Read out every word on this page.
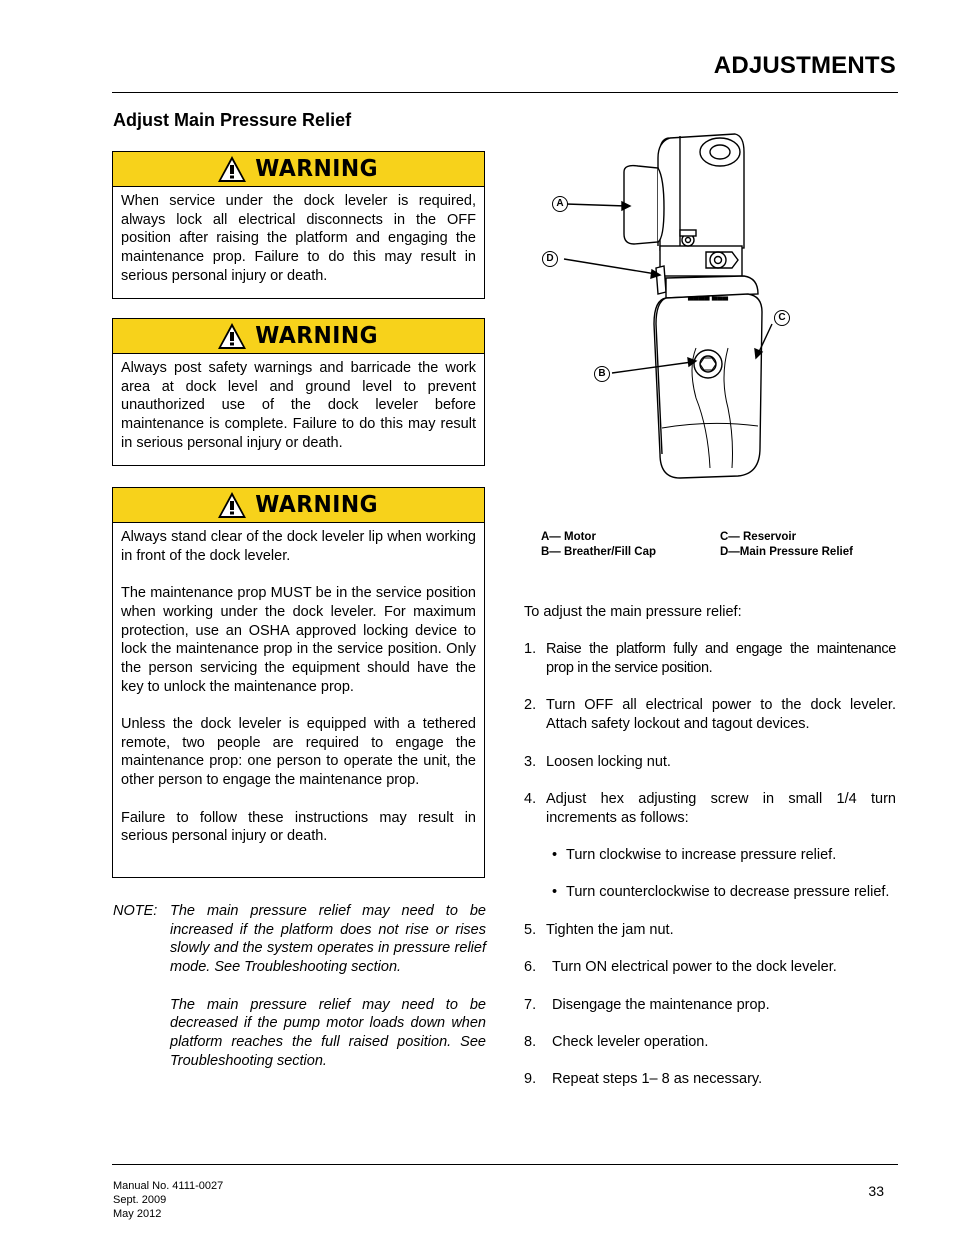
ADJUSTMENTS
Adjust Main Pressure Relief
WARNING

When service under the dock leveler is required, always lock all electrical disconnects in the OFF position after raising the platform and engaging the maintenance prop. Failure to do this may result in serious personal injury or death.

WARNING

Always post safety warnings and barricade the work area at dock level and ground level to prevent unauthorized use of the dock leveler before maintenance is complete. Failure to do this may result in serious personal injury or death.

WARNING

Always stand clear of the dock leveler lip when working in front of the dock leveler.

The maintenance prop MUST be in the service position when working under the dock leveler. For maximum protection, use an OSHA approved locking device to lock the maintenance prop in the service position. Only the person servicing the equipment should have the key to unlock the maintenance prop.

Unless the dock leveler is equipped with a tethered remote, two people are required to engage the maintenance prop: one person to operate the unit, the other person to engage the maintenance prop.

Failure to follow these instructions may result in serious personal injury or death.

NOTE: The main pressure relief may need to be increased if the platform does not rise or rises slowly and the system operates in pressure relief mode. See Troubleshooting section.

The main pressure relief may need to be decreased if the pump motor loads down when platform reaches the full raised position. See Troubleshooting section.

▀▀▀▀ ▀▀▀
A
D
C
B
A— Motor
B— Breather/Fill Cap
C— Reservoir
D—Main Pressure Relief

To adjust the main pressure relief:

1. Raise the platform fully and engage the maintenance prop in the service position.
2. Turn OFF all electrical power to the dock leveler. Attach safety lockout and tagout devices.
3. Loosen locking nut.
4. Adjust hex adjusting screw in small 1/4 turn increments as follows:
• Turn clockwise to increase pressure relief.
• Turn counterclockwise to decrease pressure relief.
5. Tighten the jam nut.
6.	Turn ON electrical power to the dock leveler.
7.	Disengage the maintenance prop.
8.	Check leveler operation.
9.	Repeat steps 1– 8 as necessary.
Manual No. 4111-0027
Sept. 2009
May 2012
33
